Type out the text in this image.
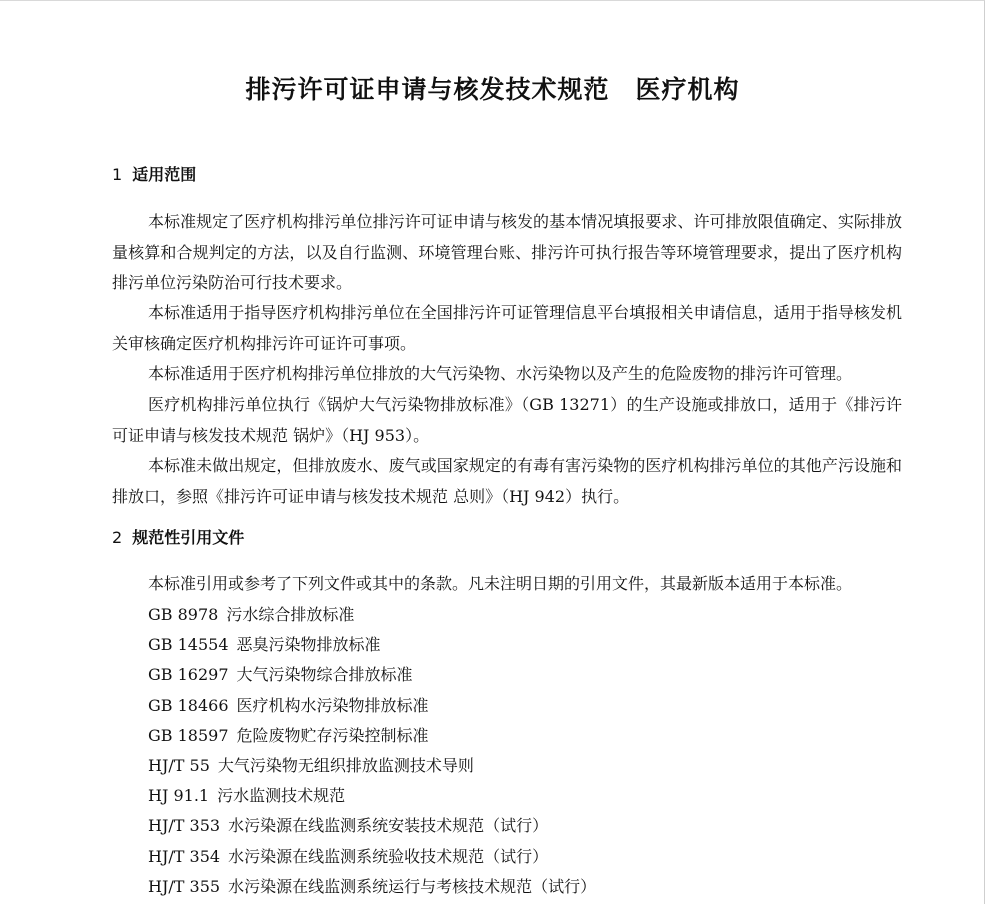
排污许可证申请与核发技术规范　医疗机构
1 适用范围

本标准规定了医疗机构排污单位排污许可证申请与核发的基本情况填报要求、许可排放限值确定、实际排放量核算和合规判定的方法，以及自行监测、环境管理台账、排污许可执行报告等环境管理要求，提出了医疗机构排污单位污染防治可行技术要求。

本标准适用于指导医疗机构排污单位在全国排污许可证管理信息平台填报相关申请信息，适用于指导核发机关审核确定医疗机构排污许可证许可事项。

本标准适用于医疗机构排污单位排放的大气污染物、水污染物以及产生的危险废物的排污许可管理。

医疗机构排污单位执行《锅炉大气污染物排放标准》（GB 13271）的生产设施或排放口，适用于《排污许可证申请与核发技术规范 锅炉》（HJ 953）。

本标准未做出规定，但排放废水、废气或国家规定的有毒有害污染物的医疗机构排污单位的其他产污设施和排放口，参照《排污许可证申请与核发技术规范 总则》（HJ 942）执行。

2 规范性引用文件

本标准引用或参考了下列文件或其中的条款。凡未注明日期的引用文件，其最新版本适用于本标准。

GB 8978 污水综合排放标准
GB 14554 恶臭污染物排放标准
GB 16297 大气污染物综合排放标准
GB 18466 医疗机构水污染物排放标准
GB 18597 危险废物贮存污染控制标准
HJ/T 55 大气污染物无组织排放监测技术导则
HJ 91.1 污水监测技术规范
HJ/T 353 水污染源在线监测系统安装技术规范（试行）
HJ/T 354 水污染源在线监测系统验收技术规范（试行）
HJ/T 355 水污染源在线监测系统运行与考核技术规范（试行）
